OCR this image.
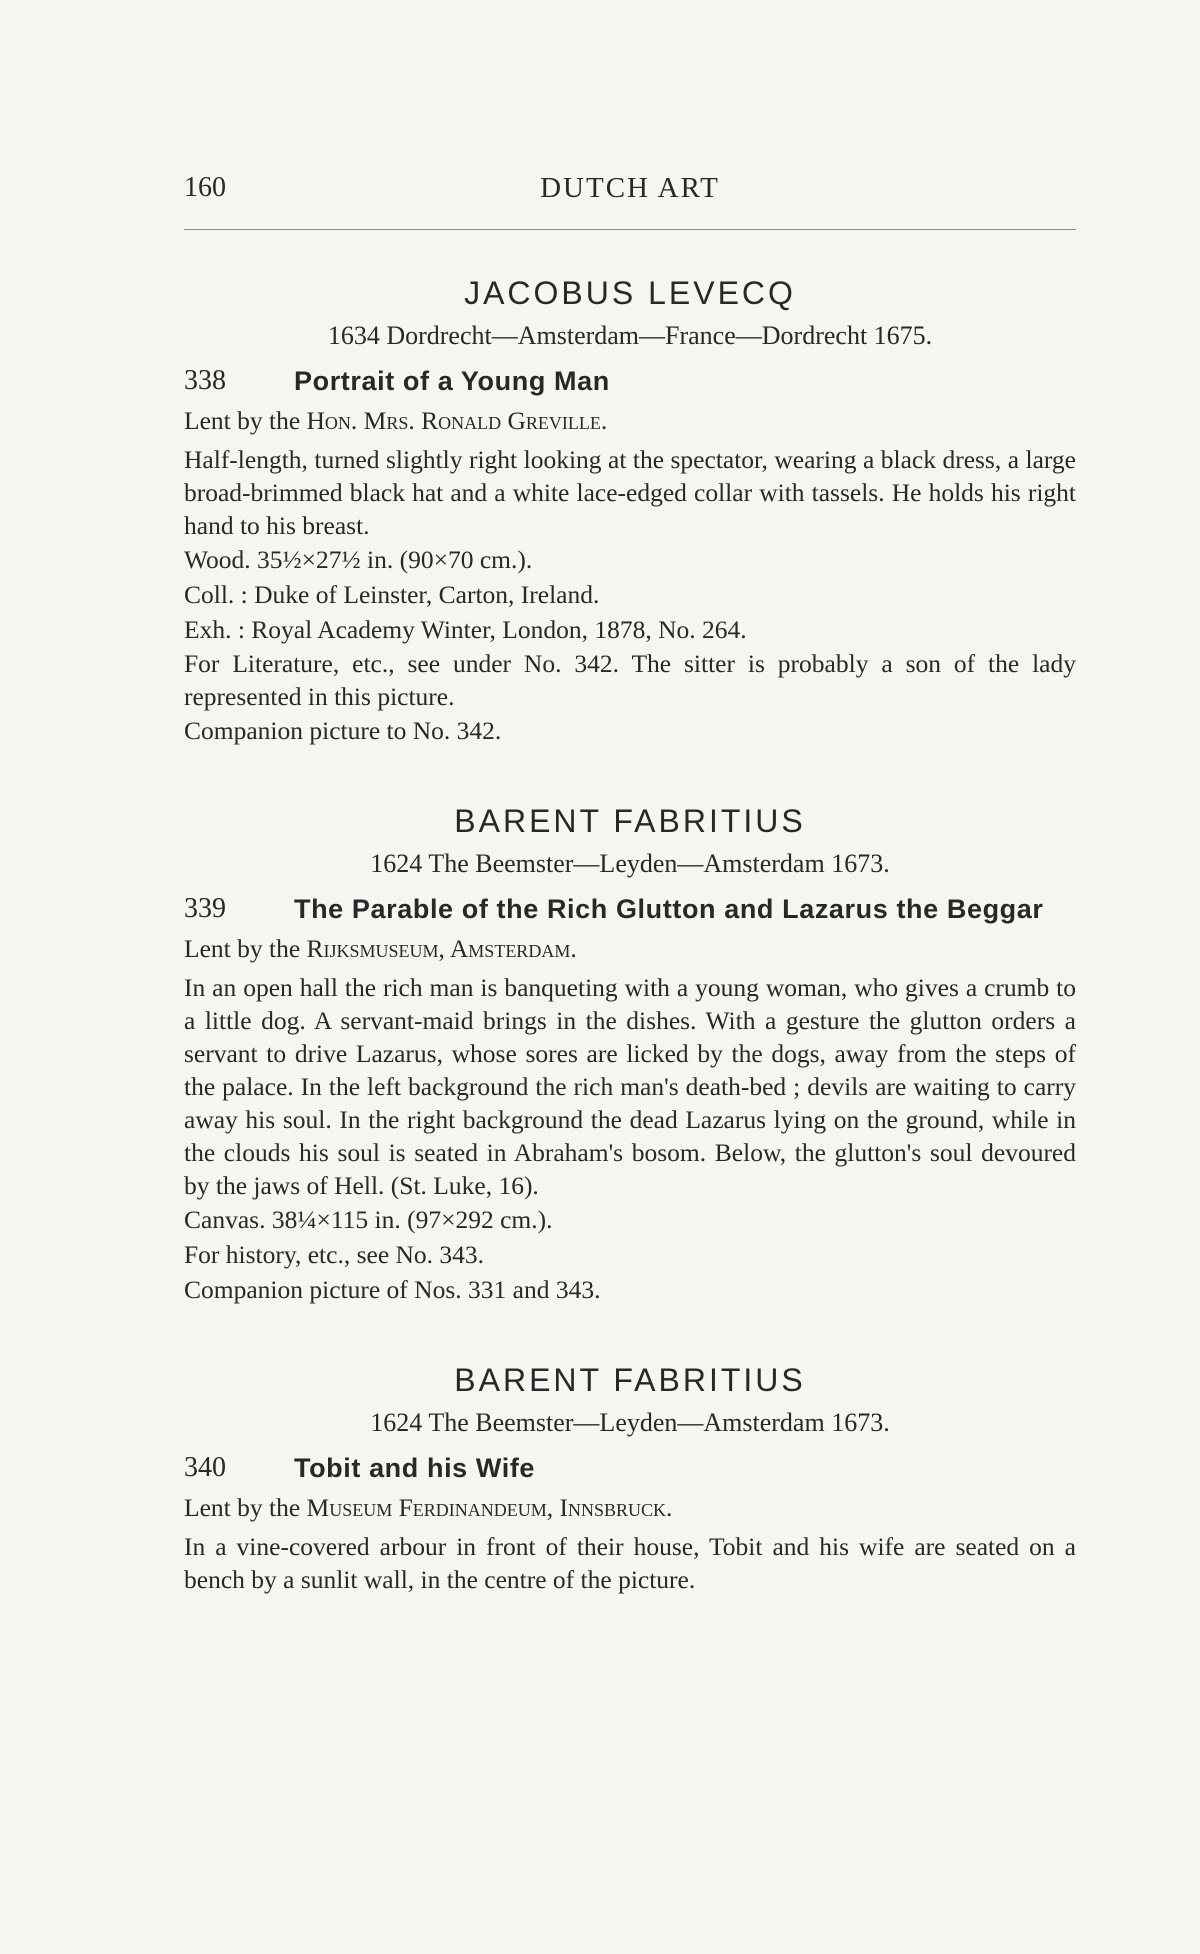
160	DUTCH ART

JACOBUS LEVECQ

1634 Dordrecht—Amsterdam—France—Dordrecht 1675.

338	Portrait of a Young Man

Lent by the Hon. Mrs. Ronald Greville.

Half-length, turned slightly right looking at the spectator, wearing a black dress, a large broad-brimmed black hat and a white lace-edged collar with tassels. He holds his right hand to his breast.

Wood. 35½×27½ in. (90×70 cm.).

Coll. : Duke of Leinster, Carton, Ireland.

Exh. : Royal Academy Winter, London, 1878, No. 264.

For Literature, etc., see under No. 342. The sitter is probably a son of the lady represented in this picture.

Companion picture to No. 342.

BARENT FABRITIUS

1624 The Beemster—Leyden—Amsterdam 1673.

339	The Parable of the Rich Glutton and Lazarus the Beggar

Lent by the Rijksmuseum, Amsterdam.

In an open hall the rich man is banqueting with a young woman, who gives a crumb to a little dog. A servant-maid brings in the dishes. With a gesture the glutton orders a servant to drive Lazarus, whose sores are licked by the dogs, away from the steps of the palace. In the left background the rich man's death-bed ; devils are waiting to carry away his soul. In the right background the dead Lazarus lying on the ground, while in the clouds his soul is seated in Abraham's bosom. Below, the glutton's soul devoured by the jaws of Hell. (St. Luke, 16).

Canvas. 38¼×115 in. (97×292 cm.).

For history, etc., see No. 343.

Companion picture of Nos. 331 and 343.

BARENT FABRITIUS

1624 The Beemster—Leyden—Amsterdam 1673.

340	Tobit and his Wife

Lent by the Museum Ferdinandeum, Innsbruck.

In a vine-covered arbour in front of their house, Tobit and his wife are seated on a bench by a sunlit wall, in the centre of the picture.
